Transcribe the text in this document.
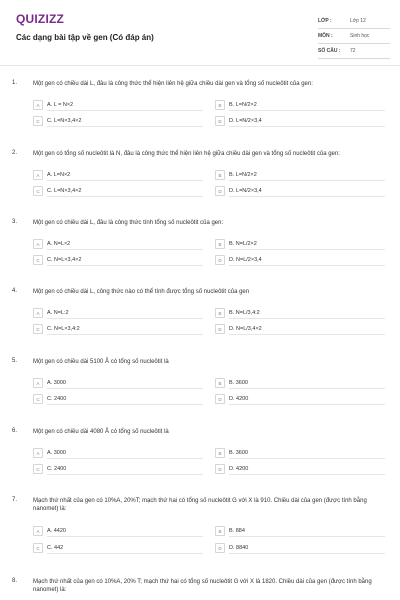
QUIZIZZ
Các dạng bài tập về gen (Có đáp án)
LỚP :	Lớp 12
MÔN :	Sinh học
SỐ CÂU :	72
1.	Một gen có chiều dài L, đâu là công thức thể hiện liên hệ giữa chiều dài gen và tổng số nucleôtit của gen:
A	A. L = N×2	B	B. L=N/2×2
C	C. L=N×3,4×2	D	D. L=N/2×3,4
2.	Một gen có tổng số nucleôtit là N, đâu là công thức thể hiện liên hệ giữa chiều dài gen và tổng số nucleôtit của gen:
A	A. L=N×2	B	B. L=N/2×2
C	C. L=N×3,4×2	D	D. L=N/2×3,4
3.	Một gen có chiều dài L, đâu là công thức tính tổng số nucleôtit của gen:
A	A. N=L×2	B	B. N=L/2×2
C	C. N=L×3,4×2	D	D. N=L/2×3,4
4.	Một gen có chiều dài L, công thức nào có thể tính được tổng số nucleôtit của gen
A	A. N=L:2	B	B. N=L/3,4:2
C	C. N=L×3,4:2	D	D. N=L/3,4×2
5.	Một gen có chiều dài 5100 Å có tổng số nucleôtit là
A	A. 3000	B	B. 3600
C	C. 2400	D	D. 4200
6.	Một gen có chiều dài 4080 Å có tổng số nucleôtit là
A	A. 3000	B	B. 3600
C	C. 2400	D	D. 4200
7.	Mạch thứ nhất của gen có 10%A, 20%T; mạch thứ hai có tổng số nucleôtit G với X là 910. Chiều dài của gen (được tính bằng nanomet) là:
A	A. 4420	B	B. 884
C	C. 442	D	D. 8840
8.	Mạch thứ nhất của gen có 10%A, 20% T; mạch thứ hai có tổng số nucleôtit G với X là 1820. Chiều dài của gen (được tính bằng nanomet) là:
